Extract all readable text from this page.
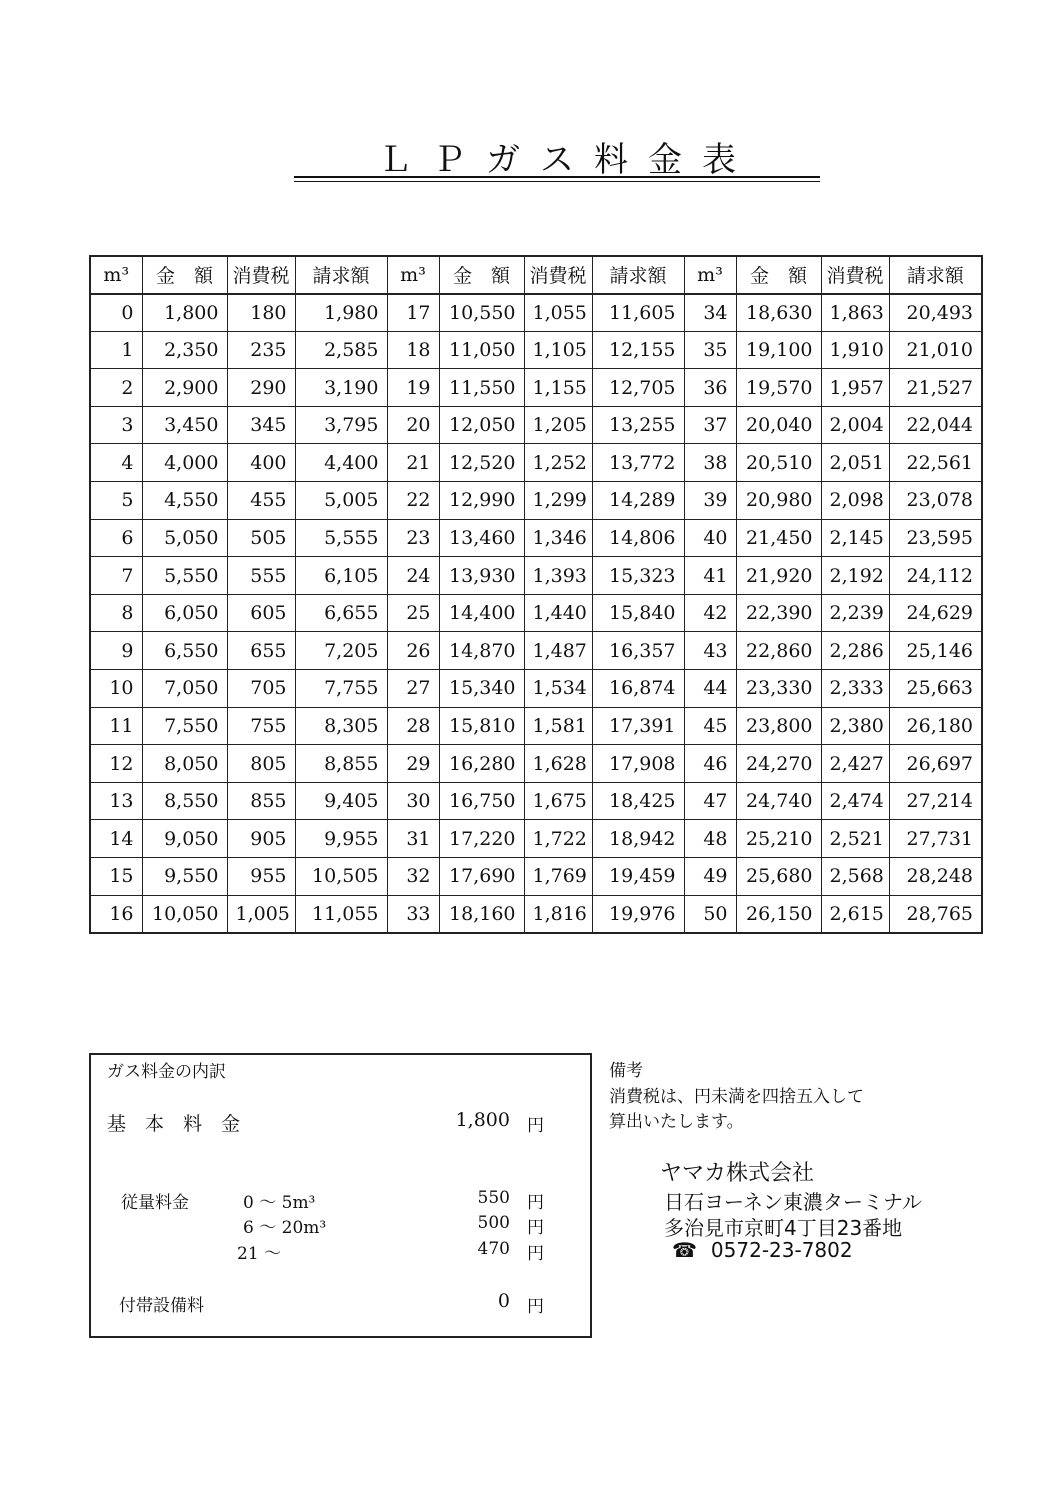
ＬＰガス料金表
m³	金　額	消費税	請求額	m³	金　額	消費税	請求額	m³	金　額	消費税	請求額
0	1,800	180	1,980	17	10,550	1,055	11,605	34	18,630	1,863	20,493
1	2,350	235	2,585	18	11,050	1,105	12,155	35	19,100	1,910	21,010
2	2,900	290	3,190	19	11,550	1,155	12,705	36	19,570	1,957	21,527
3	3,450	345	3,795	20	12,050	1,205	13,255	37	20,040	2,004	22,044
4	4,000	400	4,400	21	12,520	1,252	13,772	38	20,510	2,051	22,561
5	4,550	455	5,005	22	12,990	1,299	14,289	39	20,980	2,098	23,078
6	5,050	505	5,555	23	13,460	1,346	14,806	40	21,450	2,145	23,595
7	5,550	555	6,105	24	13,930	1,393	15,323	41	21,920	2,192	24,112
8	6,050	605	6,655	25	14,400	1,440	15,840	42	22,390	2,239	24,629
9	6,550	655	7,205	26	14,870	1,487	16,357	43	22,860	2,286	25,146
10	7,050	705	7,755	27	15,340	1,534	16,874	44	23,330	2,333	25,663
11	7,550	755	8,305	28	15,810	1,581	17,391	45	23,800	2,380	26,180
12	8,050	805	8,855	29	16,280	1,628	17,908	46	24,270	2,427	26,697
13	8,550	855	9,405	30	16,750	1,675	18,425	47	24,740	2,474	27,214
14	9,050	905	9,955	31	17,220	1,722	18,942	48	25,210	2,521	27,731
15	9,550	955	10,505	32	17,690	1,769	19,459	49	25,680	2,568	28,248
16	10,050	1,005	11,055	33	18,160	1,816	19,976	50	26,150	2,615	28,765
ガス料金の内訳
基　本　料　金	1,800 円
従量料金	0 ～ 5m³	550 円
6 ～ 20m³	500 円
21 ～	470 円
付帯設備料	0 円
備考
消費税は、円未満を四捨五入して
算出いたします。
ヤマカ株式会社
日石ヨーネン東濃ターミナル
多治見市京町4丁目23番地
☎ 0572-23-7802
